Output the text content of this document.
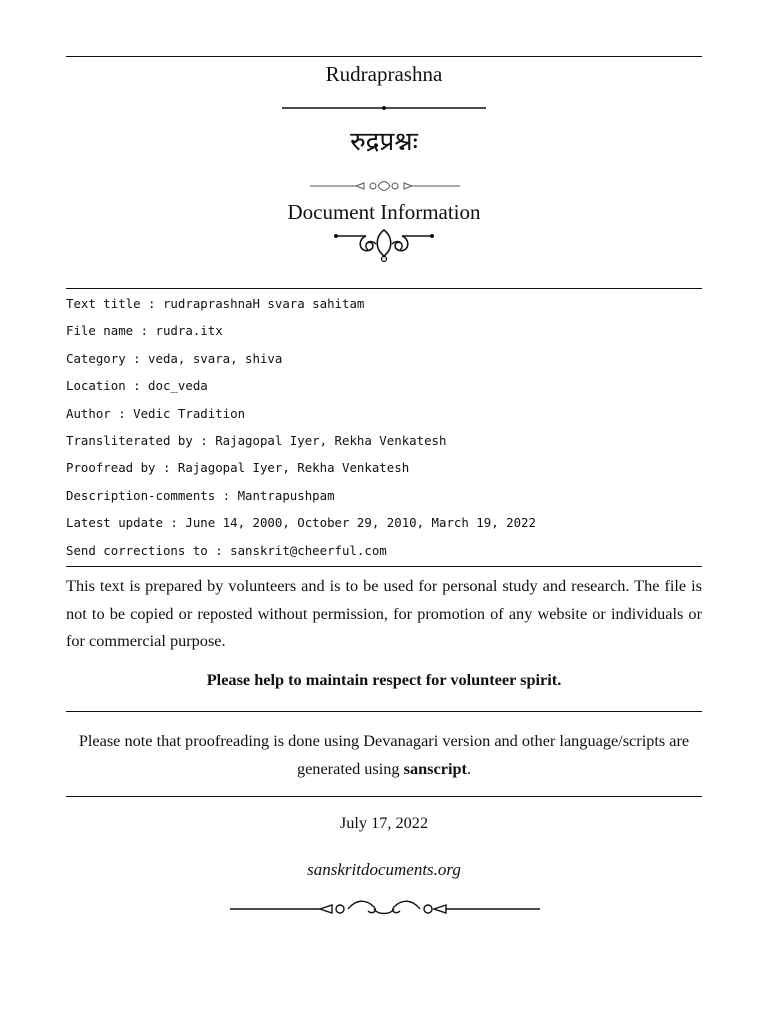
Rudraprashna
रुद्रप्रश्नः
Document Information
Text title : rudraprashnaH svara sahitam
File name : rudra.itx
Category : veda, svara, shiva
Location : doc_veda
Author : Vedic Tradition
Transliterated by : Rajagopal Iyer, Rekha Venkatesh
Proofread by : Rajagopal Iyer, Rekha Venkatesh
Description-comments : Mantrapushpam
Latest update : June 14, 2000, October 29, 2010, March 19, 2022
Send corrections to : sanskrit@cheerful.com
This text is prepared by volunteers and is to be used for personal study and research. The file is not to be copied or reposted without permission, for promotion of any website or individuals or for commercial purpose.
Please help to maintain respect for volunteer spirit.
Please note that proofreading is done using Devanagari version and other language/scripts are generated using sanscript.
July 17, 2022
sanskritdocuments.org
